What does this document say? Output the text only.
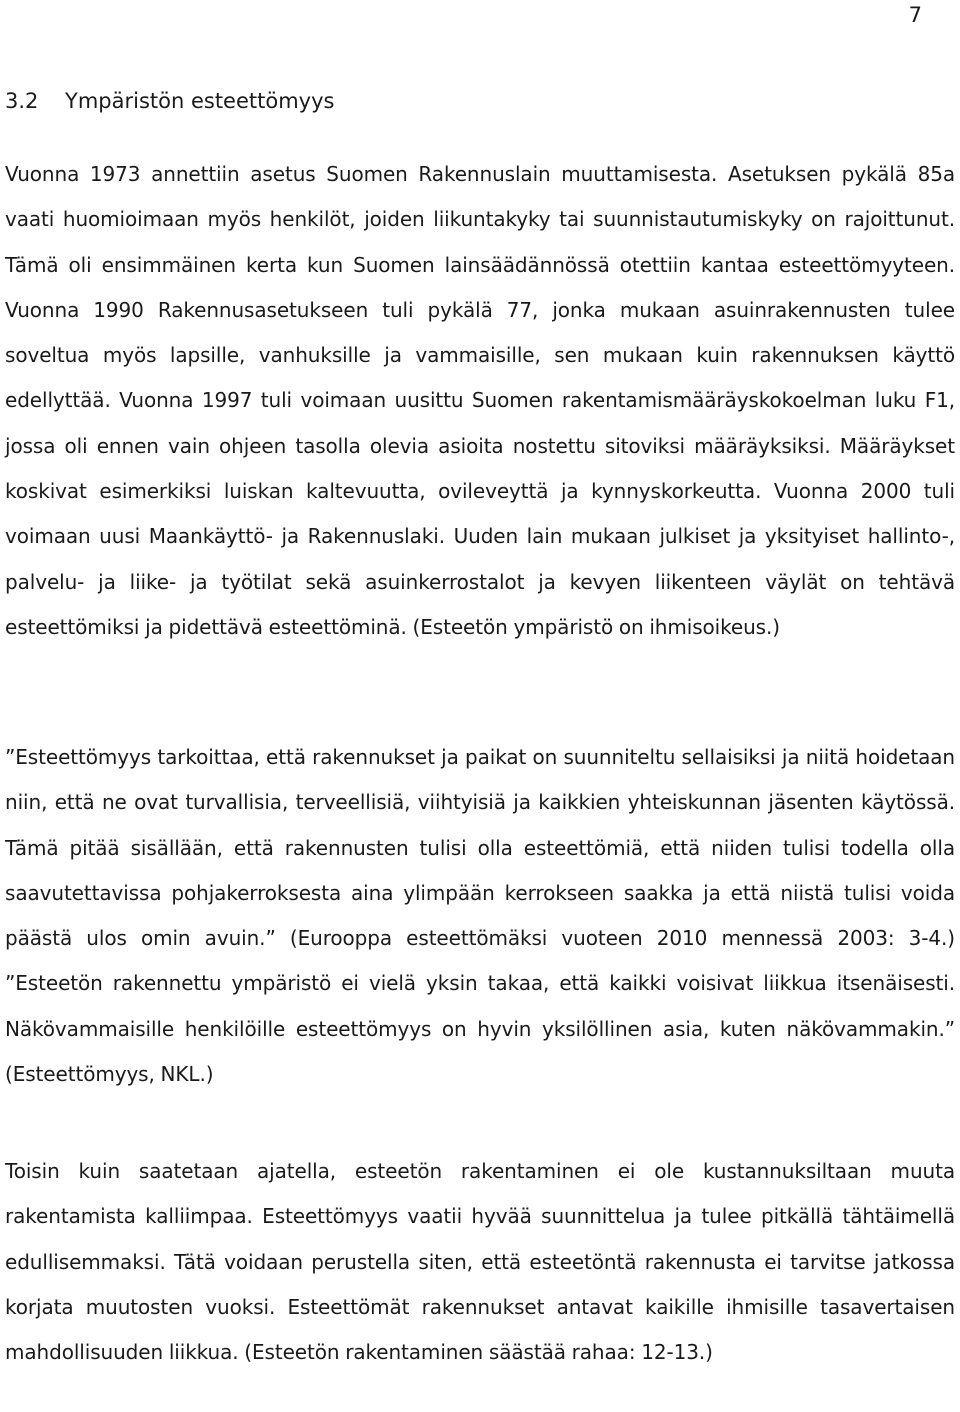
7
3.2 Ympäristön esteettömyys

Vuonna 1973 annettiin asetus Suomen Rakennuslain muuttamisesta. Asetuksen pykälä 85a vaati huomioimaan myös henkilöt, joiden liikuntakyky tai suunnistautumiskyky on rajoittunut. Tämä oli ensimmäinen kerta kun Suomen lainsäädännössä otettiin kantaa esteettömyyteen. Vuonna 1990 Rakennusasetukseen tuli pykälä 77, jonka mukaan asuinrakennusten tulee soveltua myös lapsille, vanhuksille ja vammaisille, sen mukaan kuin rakennuksen käyttö edellyttää. Vuonna 1997 tuli voimaan uusittu Suomen rakentamismääräyskokoelman luku F1, jossa oli ennen vain ohjeen tasolla olevia asioita nostettu sitoviksi määräyksiksi. Määräykset koskivat esimerkiksi luiskan kaltevuutta, ovileveyttä ja kynnyskorkeutta. Vuonna 2000 tuli voimaan uusi Maankäyttö- ja Rakennuslaki. Uuden lain mukaan julkiset ja yksityiset hallinto-, palvelu- ja liike- ja työtilat sekä asuinkerrostalot ja kevyen liikenteen väylät on tehtävä esteettömiksi ja pidettävä esteettöminä. (Esteetön ympäristö on ihmisoikeus.)

”Esteettömyys tarkoittaa, että rakennukset ja paikat on suunniteltu sellaisiksi ja niitä hoidetaan niin, että ne ovat turvallisia, terveellisiä, viihtyisiä ja kaikkien yhteiskunnan jäsenten käytössä. Tämä pitää sisällään, että rakennusten tulisi olla esteettömiä, että niiden tulisi todella olla saavutettavissa pohjakerroksesta aina ylimpään kerrokseen saakka ja että niistä tulisi voida päästä ulos omin avuin.” (Eurooppa esteettömäksi vuoteen 2010 mennessä 2003: 3-4.) ”Esteetön rakennettu ympäristö ei vielä yksin takaa, että kaikki voisivat liikkua itsenäisesti. Näkövammaisille henkilöille esteettömyys on hyvin yksilöllinen asia, kuten näkövammakin.” (Esteettömyys, NKL.)

Toisin kuin saatetaan ajatella, esteetön rakentaminen ei ole kustannuksiltaan muuta rakentamista kalliimpaa. Esteettömyys vaatii hyvää suunnittelua ja tulee pitkällä tähtäimellä edullisemmaksi. Tätä voidaan perustella siten, että esteetöntä rakennusta ei tarvitse jatkossa korjata muutosten vuoksi. Esteettömät rakennukset antavat kaikille ihmisille tasavertaisen mahdollisuuden liikkua. (Esteetön rakentaminen säästää rahaa: 12-13.)
